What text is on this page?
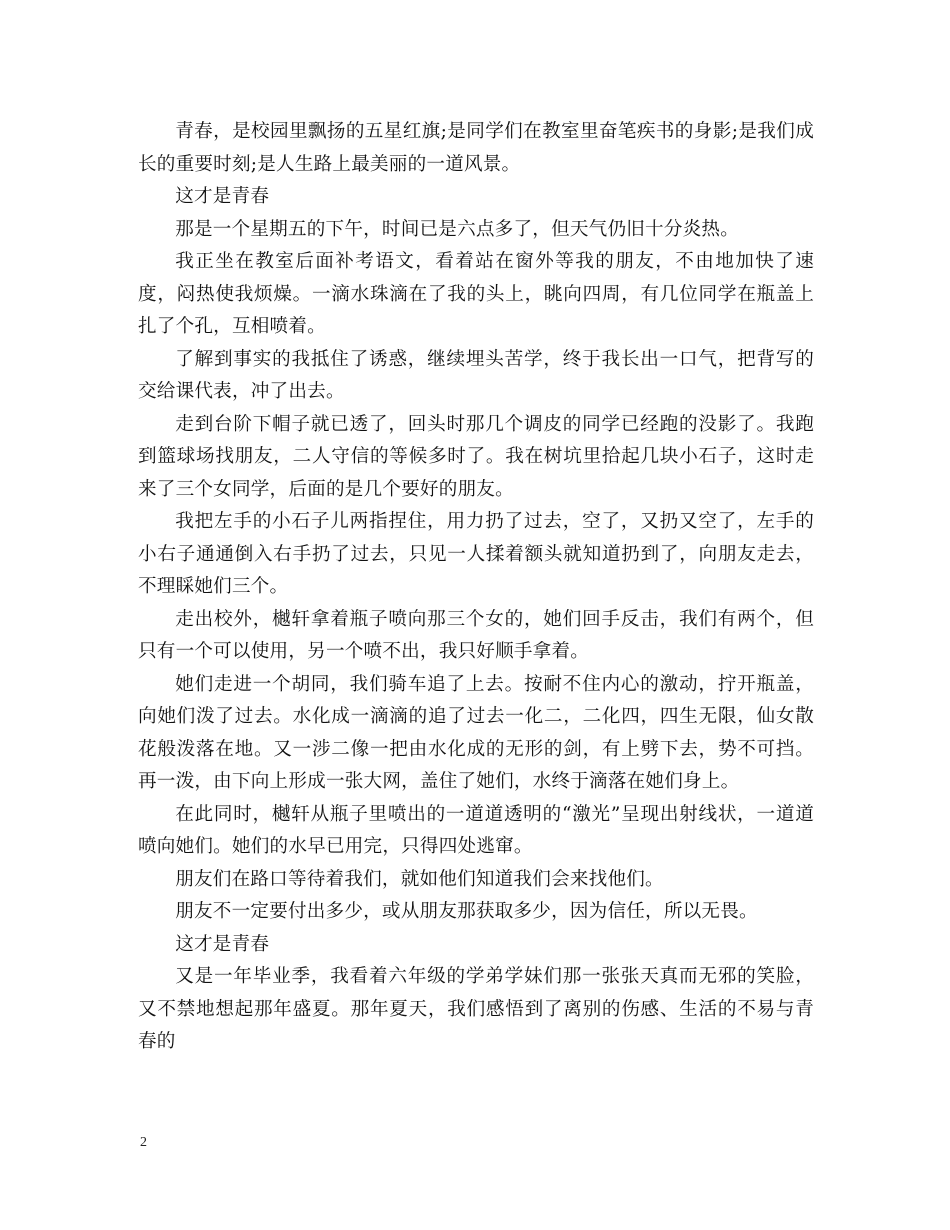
青春，是校园里飘扬的五星红旗;是同学们在教室里奋笔疾书的身影;是我们成长的重要时刻;是人生路上最美丽的一道风景。

这才是青春

那是一个星期五的下午，时间已是六点多了，但天气仍旧十分炎热。

我正坐在教室后面补考语文，看着站在窗外等我的朋友，不由地加快了速度，闷热使我烦燥。一滴水珠滴在了我的头上，眺向四周，有几位同学在瓶盖上扎了个孔，互相喷着。

了解到事实的我抵住了诱惑，继续埋头苦学，终于我长出一口气，把背写的交给课代表，冲了出去。

走到台阶下帽子就已透了，回头时那几个调皮的同学已经跑的没影了。我跑到篮球场找朋友，二人守信的等候多时了。我在树坑里拾起几块小石子，这时走来了三个女同学，后面的是几个要好的朋友。

我把左手的小石子儿两指捏住，用力扔了过去，空了，又扔又空了，左手的小右子通通倒入右手扔了过去，只见一人揉着额头就知道扔到了，向朋友走去，不理睬她们三个。

走出校外，樾轩拿着瓶子喷向那三个女的，她们回手反击，我们有两个，但只有一个可以使用，另一个喷不出，我只好顺手拿着。

她们走进一个胡同，我们骑车追了上去。按耐不住内心的激动，拧开瓶盖，向她们泼了过去。水化成一滴滴的追了过去一化二，二化四，四生无限，仙女散花般泼落在地。又一涉二像一把由水化成的无形的剑，有上劈下去，势不可挡。再一泼，由下向上形成一张大网，盖住了她们，水终于滴落在她们身上。

在此同时，樾轩从瓶子里喷出的一道道透明的“激光”呈现出射线状，一道道喷向她们。她们的水早已用完，只得四处逃窜。

朋友们在路口等待着我们，就如他们知道我们会来找他们。

朋友不一定要付出多少，或从朋友那获取多少，因为信任，所以无畏。

这才是青春

又是一年毕业季，我看着六年级的学弟学妹们那一张张天真而无邪的笑脸，又不禁地想起那年盛夏。那年夏天，我们感悟到了离别的伤感、生活的不易与青春的

2
